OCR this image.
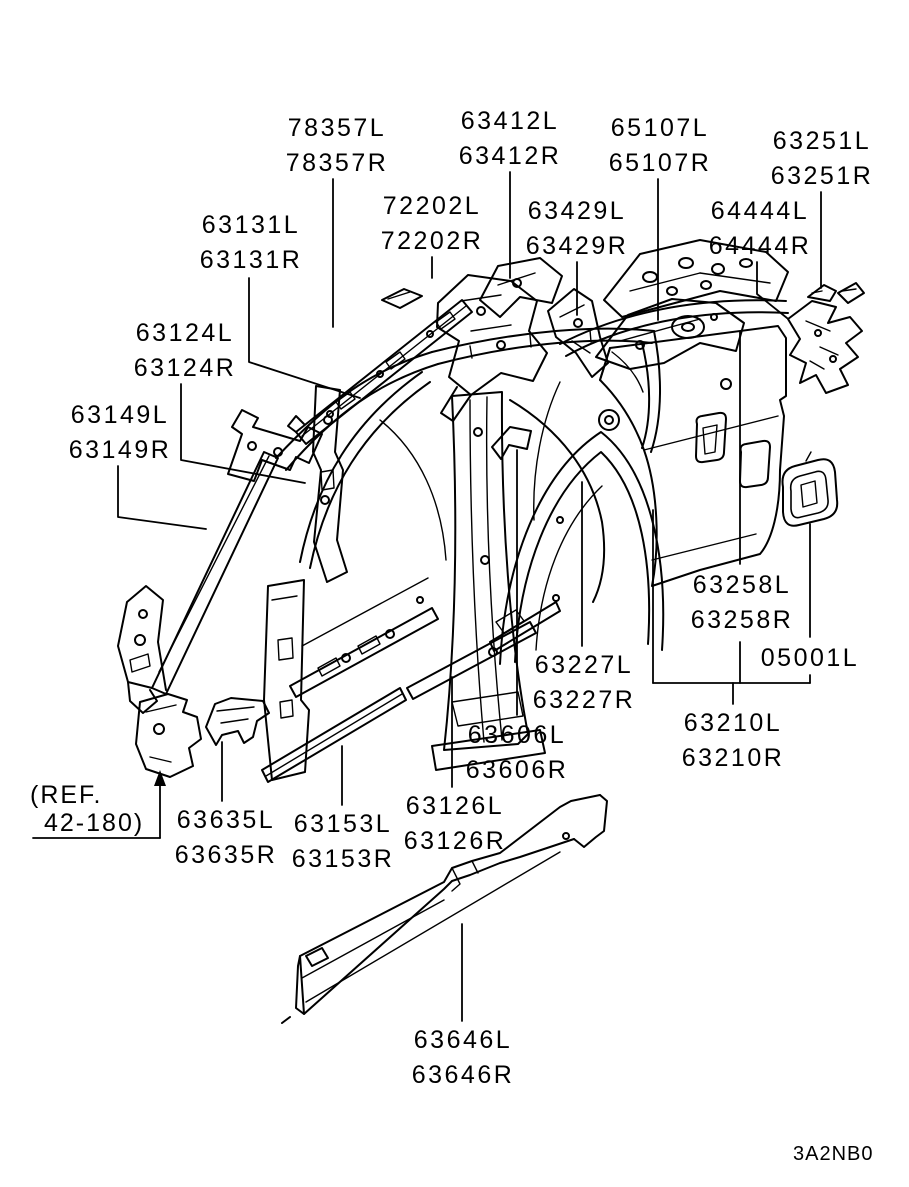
78357L
78357R
63412L
63412R
65107L
65107R
63251L
63251R
72202L
72202R
63429L
63429R
64444L
64444R
63131L
63131R
63124L
63124R
63149L
63149R
63258L
63258R
05001L
63227L
63227R
63210L
63210R
63606L
63606R
63126L
63126R
63635L
63635R
63153L
63153R
63646L
63646R
(REF.
42-180)
3A2NB0
